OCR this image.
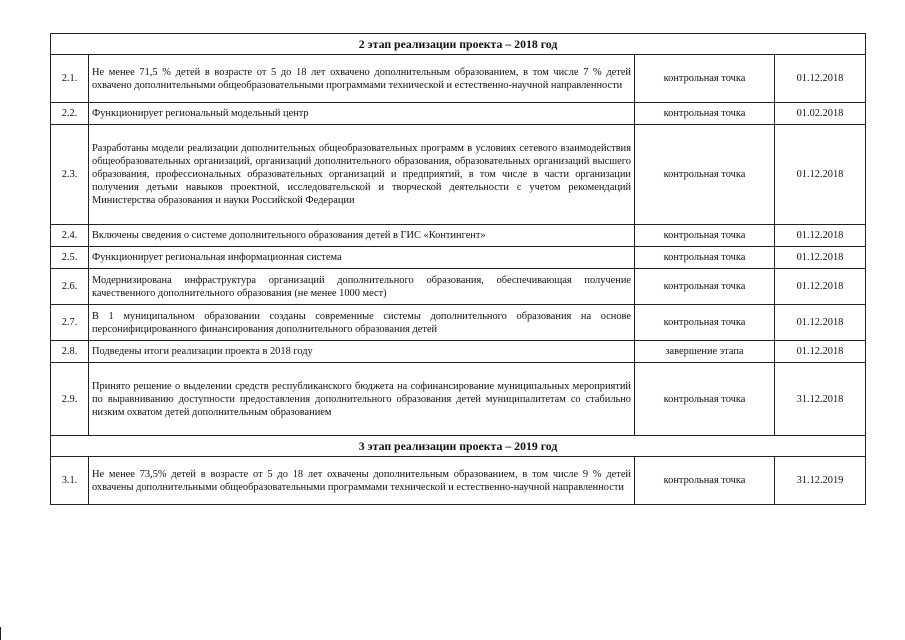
2 этап реализации проекта – 2018 год			
2.1.	Не менее 71,5 % детей в возрасте от 5 до 18 лет охвачено дополнительным образованием, в том числе 7 % детей охвачено дополнительными общеобразовательными программами технической и естественно-научной направленности	контрольная точка	01.12.2018
2.2.	Функционирует региональный модельный центр	контрольная точка	01.02.2018
2.3.	Разработаны модели реализации дополнительных общеобразовательных программ в условиях сетевого взаимодействия общеобразовательных организаций, организаций дополнительного образования, образовательных организаций высшего образования, профессиональных образовательных организаций и предприятий, в том числе в части организации получения детьми навыков проектной, исследовательской и творческой деятельности с учетом рекомендаций Министерства образования и науки Российской Федерации	контрольная точка	01.12.2018
2.4.	Включены сведения о системе дополнительного образования детей в ГИС «Контингент»	контрольная точка	01.12.2018
2.5.	Функционирует региональная информационная система	контрольная точка	01.12.2018
2.6.	Модернизирована инфраструктура организаций дополнительного образования, обеспечивающая получение качественного дополнительного образования (не менее 1000 мест)	контрольная точка	01.12.2018
2.7.	В 1 муниципальном образовании созданы современные системы дополнительного образования на основе персонифицированного финансирования дополнительного образования детей	контрольная точка	01.12.2018
2.8.	Подведены итоги реализации проекта в 2018 году	завершение этапа	01.12.2018
2.9.	Принято решение о выделении средств республиканского бюджета на софинансирование муниципальных мероприятий по выравниванию доступности предоставления дополнительного образования детей муниципалитетам со стабильно низким охватом детей дополнительным образованием	контрольная точка	31.12.2018
3 этап реализации проекта – 2019 год			
3.1.	Не менее 73,5% детей в возрасте от 5 до 18 лет охвачены дополнительным образованием, в том числе 9 % детей охвачены дополнительными общеобразовательными программами технической и естественно-научной направленности	контрольная точка	31.12.2019
